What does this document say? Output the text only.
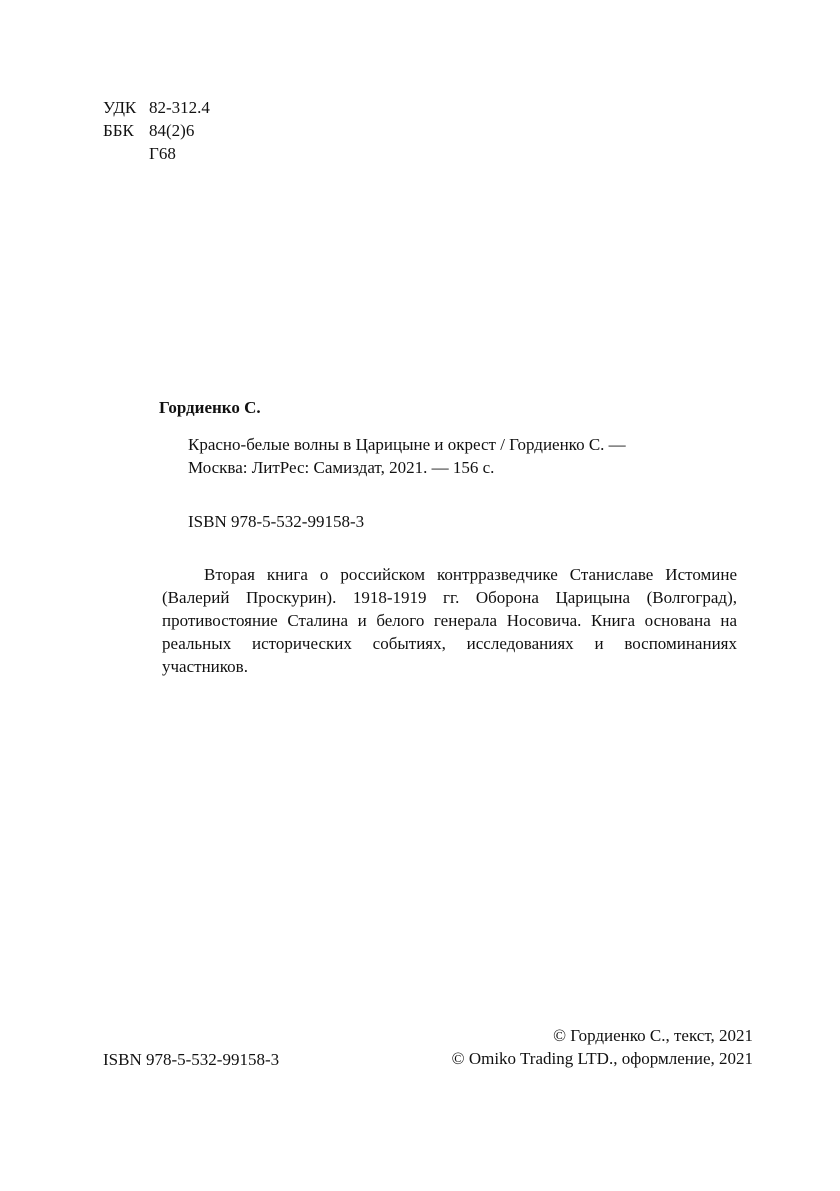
УДК 82-312.4
ББК 84(2)6
Г68
Гордиенко С.
Красно-белые волны в Царицыне и окрест / Гордиенко С. —
Москва: ЛитРес: Самиздат, 2021. — 156 с.
ISBN 978-5-532-99158-3
Вторая книга о российском контрразведчике Станиславе Истомине (Валерий Проскурин). 1918-1919 гг. Оборона Царицына (Волгоград), противостояние Сталина и белого генерала Носовича. Книга основана на реальных исторических событиях, исследованиях и воспоминаниях участников.
ISBN 978-5-532-99158-3
© Гордиенко С., текст, 2021
© Omiko Trading LTD., оформление, 2021
